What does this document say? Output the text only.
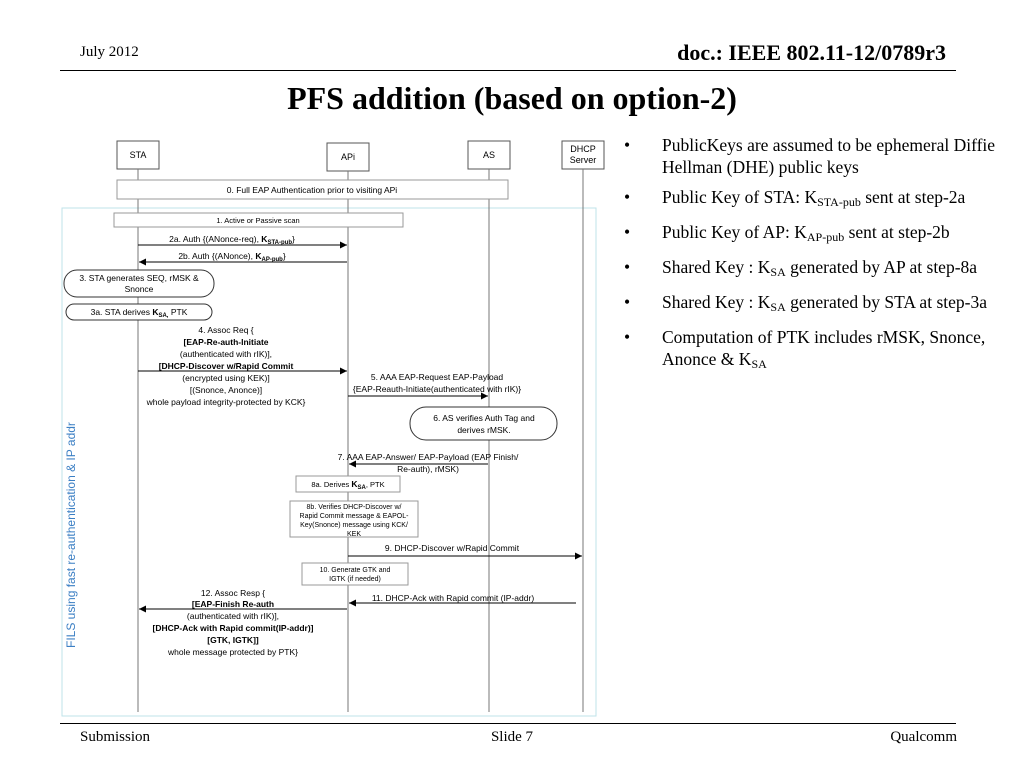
July 2012	doc.: IEEE 802.11-12/0789r3
PFS addition (based on option-2)
FILS using fast re-authentication & IP addr
STA	APi	AS
DHCP
Server
0. Full EAP Authentication prior to visiting APi
1. Active or Passive scan
2a. Auth {(ANonce-req), $K_{STA-pub}$}
2b. Auth {(ANonce), $K_{AP-pub}$}
3. STA generates SEQ, rMSK &
Snonce
3a. STA derives $K_{SA,}$ PTK
4. Assoc Req {
[EAP-Re-auth-Initiate
(authenticated with rIK)],
[DHCP-Discover w/Rapid Commit
(encrypted using KEK)]
[(Snonce, Anonce)]
whole payload integrity-protected by KCK}
5. AAA EAP-Request EAP-Payload
{EAP-Reauth-Initiate(authenticated with rIK)}
6. AS verifies Auth Tag and
derives rMSK.
7. AAA EAP-Answer/ EAP-Payload (EAP Finish/
Re-auth), rMSK)
8a. Derives $K_{SA}$, PTK
8b. Verifies DHCP-Discover w/
Rapid Commit message & EAPOL-
Key(Snonce) message using KCK/
KEK
9. DHCP-Discover w/Rapid Commit
10. Generate GTK and
IGTK (if needed)
11. DHCP-Ack with Rapid commit (IP-addr)
12. Assoc Resp {
[EAP-Finish Re-auth
(authenticated with rIK)],
[DHCP-Ack with Rapid commit(IP-addr)]
[GTK, IGTK]]
whole message protected by PTK}
• PublicKeys are assumed to be ephemeral Diffie Hellman (DHE) public keys
• Public Key of STA: $K_{STA-pub}$ sent at step-2a
• Public Key of AP: $K_{AP-pub}$ sent at step-2b
• Shared Key : $K_{SA}$ generated by AP at step-8a
• Shared Key : $K_{SA}$ generated by STA at step-3a
• Computation of PTK includes rMSK, Snonce, Anonce & $K_{SA}$
Submission	Slide 7	Qualcomm
